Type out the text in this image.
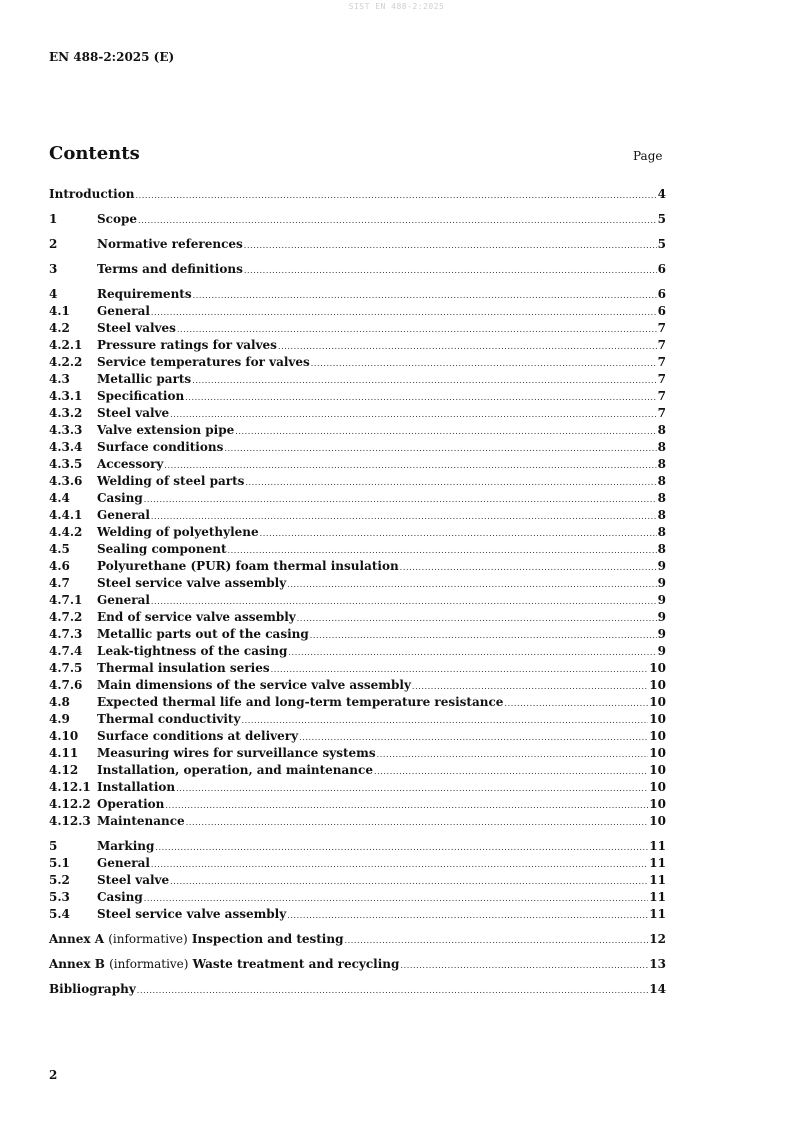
SIST EN 488-2:2025
EN 488-2:2025 (E)
Contents	Page
Introduction .....	4
1	Scope .....	5
2	Normative references .....	5
3	Terms and definitions .....	6
4	Requirements .....	6
4.1	General .....	6
4.2	Steel valves .....	7
4.2.1	Pressure ratings for valves .....	7
4.2.2	Service temperatures for valves .....	7
4.3	Metallic parts .....	7
4.3.1	Specification .....	7
4.3.2	Steel valve .....	7
4.3.3	Valve extension pipe .....	8
4.3.4	Surface conditions .....	8
4.3.5	Accessory .....	8
4.3.6	Welding of steel parts .....	8
4.4	Casing .....	8
4.4.1	General .....	8
4.4.2	Welding of polyethylene .....	8
4.5	Sealing component .....	8
4.6	Polyurethane (PUR) foam thermal insulation .....	9
4.7	Steel service valve assembly .....	9
4.7.1	General .....	9
4.7.2	End of service valve assembly .....	9
4.7.3	Metallic parts out of the casing .....	9
4.7.4	Leak-tightness of the casing .....	9
4.7.5	Thermal insulation series .....	10
4.7.6	Main dimensions of the service valve assembly .....	10
4.8	Expected thermal life and long-term temperature resistance .....	10
4.9	Thermal conductivity .....	10
4.10	Surface conditions at delivery .....	10
4.11	Measuring wires for surveillance systems .....	10
4.12	Installation, operation, and maintenance .....	10
4.12.1 Installation .....	10
4.12.2 Operation .....	10
4.12.3 Maintenance .....	10
5	Marking .....	11
5.1	General .....	11
5.2	Steel valve .....	11
5.3	Casing .....	11
5.4	Steel service valve assembly .....	11
Annex A (informative) Inspection and testing .....	12
Annex B (informative) Waste treatment and recycling .....	13
Bibliography .....	14
2
